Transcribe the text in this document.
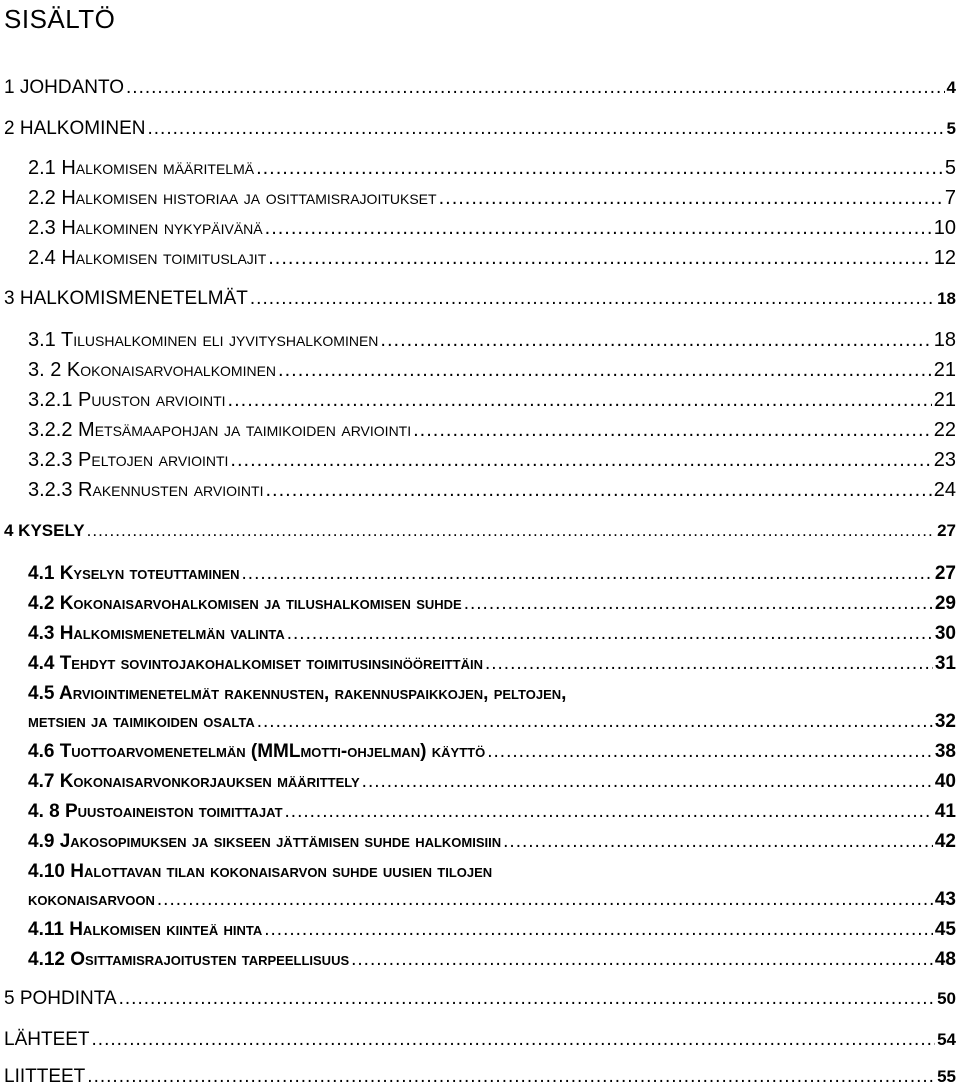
SISÄLTÖ
1 JOHDANTO .....	4
2 HALKOMINEN .....	5
2.1 Halkomisen määritelmä .....	5
2.2 Halkomisen historiaa ja osittamisrajoitukset .....	7
2.3 Halkominen nykypäivänä .....	10
2.4 Halkomisen toimituslajit .....	12
3 HALKOMISMENETELMÄT .....	18
3.1 Tilushalkominen eli jyvityshalkominen .....	18
3. 2 Kokonaisarvohalkominen .....	21
3.2.1 Puuston arviointi .....	21
3.2.2 Metsämaapohjan ja taimikoiden arviointi .....	22
3.2.3 Peltojen arviointi .....	23
3.2.3 Rakennusten arviointi .....	24
4 KYSELY .....	27
4.1 Kyselyn toteuttaminen .....	27
4.2 Kokonaisarvohalkomisen ja tilushalkomisen suhde .....	29
4.3 Halkomismenetelmän valinta .....	30
4.4 Tehdyt sovintojakohalkomiset toimitusinsinööreittäin .....	31
4.5 Arviointimenetelmät rakennusten, rakennuspaikkojen, peltojen,
metsien ja taimikoiden osalta .....	32
4.6 Tuottoarvomenetelmän (MMLmotti-ohjelman) käyttö .....	38
4.7 Kokonaisarvonkorjauksen määrittely .....	40
4. 8 Puustoaineiston toimittajat .....	41
4.9 Jakosopimuksen ja sikseen jättämisen suhde halkomisiin .....	42
4.10 Halottavan tilan kokonaisarvon suhde uusien tilojen
kokonaisarvoon .....	43
4.11 Halkomisen kiinteä hinta .....	45
4.12 Osittamisrajoitusten tarpeellisuus .....	48
5 POHDINTA .....	50
LÄHTEET .....	54
LIITTEET .....	55
